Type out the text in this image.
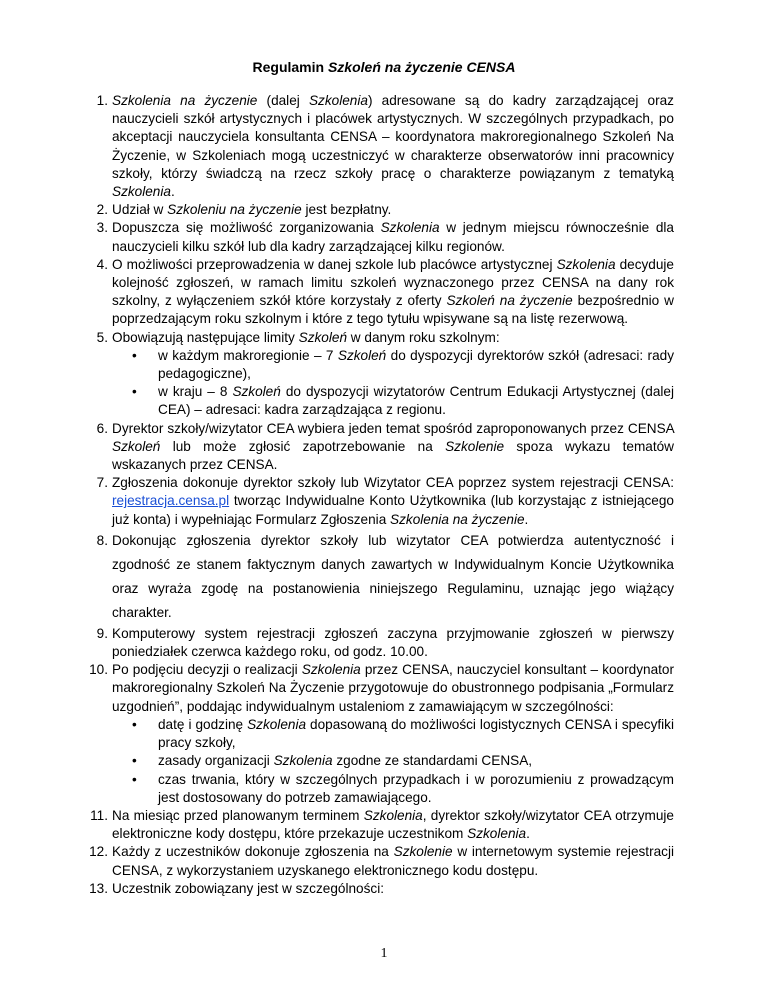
Regulamin Szkoleń na życzenie CENSA
1. Szkolenia na życzenie (dalej Szkolenia) adresowane są do kadry zarządzającej oraz nauczycieli szkół artystycznych i placówek artystycznych. W szczególnych przypadkach, po akceptacji nauczyciela konsultanta CENSA – koordynatora makroregionalnego Szkoleń Na Życzenie, w Szkoleniach mogą uczestniczyć w charakterze obserwatorów inni pracownicy szkoły, którzy świadczą na rzecz szkoły pracę o charakterze powiązanym z tematyką Szkolenia.
2. Udział w Szkoleniu na życzenie jest bezpłatny.
3. Dopuszcza się możliwość zorganizowania Szkolenia w jednym miejscu równocześnie dla nauczycieli kilku szkół lub dla kadry zarządzającej kilku regionów.
4. O możliwości przeprowadzenia w danej szkole lub placówce artystycznej Szkolenia decyduje kolejność zgłoszeń, w ramach limitu szkoleń wyznaczonego przez CENSA na dany rok szkolny, z wyłączeniem szkół które korzystały z oferty Szkoleń na życzenie bezpośrednio w poprzedzającym roku szkolnym i które z tego tytułu wpisywane są na listę rezerwową.
5. Obowiązują następujące limity Szkoleń w danym roku szkolnym:
• w każdym makroregionie – 7 Szkoleń do dyspozycji dyrektorów szkół (adresaci: rady pedagogiczne),
• w kraju – 8 Szkoleń do dyspozycji wizytatorów Centrum Edukacji Artystycznej (dalej CEA) – adresaci: kadra zarządzająca z regionu.
6. Dyrektor szkoły/wizytator CEA wybiera jeden temat spośród zaproponowanych przez CENSA Szkoleń lub może zgłosić zapotrzebowanie na Szkolenie spoza wykazu tematów wskazanych przez CENSA.
7. Zgłoszenia dokonuje dyrektor szkoły lub Wizytator CEA poprzez system rejestracji CENSA: rejestracja.censa.pl tworząc Indywidualne Konto Użytkownika (lub korzystając z istniejącego już konta) i wypełniając Formularz Zgłoszenia Szkolenia na życzenie.
8. Dokonując zgłoszenia dyrektor szkoły lub wizytator CEA potwierdza autentyczność i zgodność ze stanem faktycznym danych zawartych w Indywidualnym Koncie Użytkownika oraz wyraża zgodę na postanowienia niniejszego Regulaminu, uznając jego wiążący charakter.
9. Komputerowy system rejestracji zgłoszeń zaczyna przyjmowanie zgłoszeń w pierwszy poniedziałek czerwca każdego roku, od godz. 10.00.
10. Po podjęciu decyzji o realizacji Szkolenia przez CENSA, nauczyciel konsultant – koordynator makroregionalny Szkoleń Na Życzenie przygotowuje do obustronnego podpisania „Formularz uzgodnień”, poddając indywidualnym ustaleniom z zamawiającym w szczególności:
• datę i godzinę Szkolenia dopasowaną do możliwości logistycznych CENSA i specyfiki pracy szkoły,
• zasady organizacji Szkolenia zgodne ze standardami CENSA,
• czas trwania, który w szczególnych przypadkach i w porozumieniu z prowadzącym jest dostosowany do potrzeb zamawiającego.
11. Na miesiąc przed planowanym terminem Szkolenia, dyrektor szkoły/wizytator CEA otrzymuje elektroniczne kody dostępu, które przekazuje uczestnikom Szkolenia.
12. Każdy z uczestników dokonuje zgłoszenia na Szkolenie w internetowym systemie rejestracji CENSA, z wykorzystaniem uzyskanego elektronicznego kodu dostępu.
13. Uczestnik zobowiązany jest w szczególności:
1
